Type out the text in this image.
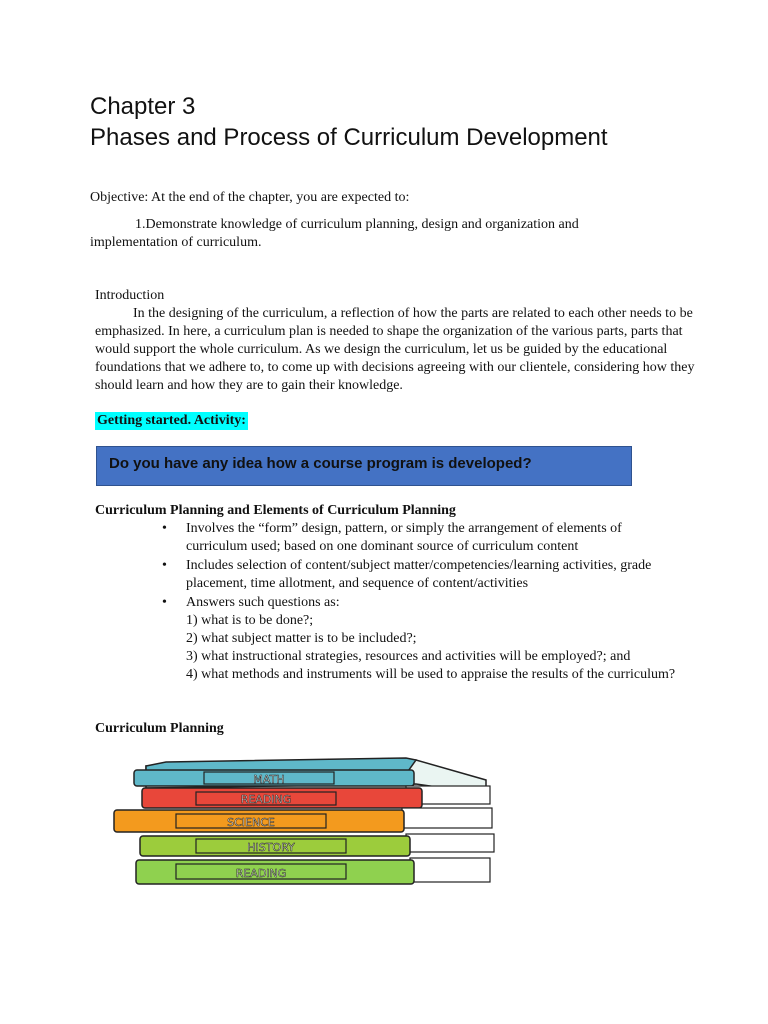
Chapter 3
Phases and Process of Curriculum Development
Objective: At the end of the chapter, you are expected to:
1.Demonstrate knowledge of curriculum planning, design and organization and implementation of curriculum.
Introduction
In the designing of the curriculum, a reflection of how the parts are related to each other needs to be emphasized. In here, a curriculum plan is needed to shape the organization of the various parts, parts that would support the whole curriculum. As we design the curriculum, let us be guided by the educational foundations that we adhere to, to come up with decisions agreeing with our clientele, considering how they should learn and how they are to gain their knowledge.
Getting started. Activity:
Do you have any idea how a course program is developed?
Curriculum Planning and Elements of Curriculum Planning
• Involves the “form” design, pattern, or simply the arrangement of elements of curriculum used; based on one dominant source of curriculum content
• Includes selection of content/subject matter/competencies/learning activities, grade placement, time allotment, and sequence of content/activities
• Answers such questions as:
1) what is to be done?;
2) what subject matter is to be included?;
3) what instructional strategies, resources and activities will be employed?; and
4) what methods and instruments will be used to appraise the results of the curriculum?
Curriculum Planning
MATH
READING
SCIENCE
HISTORY
READING
